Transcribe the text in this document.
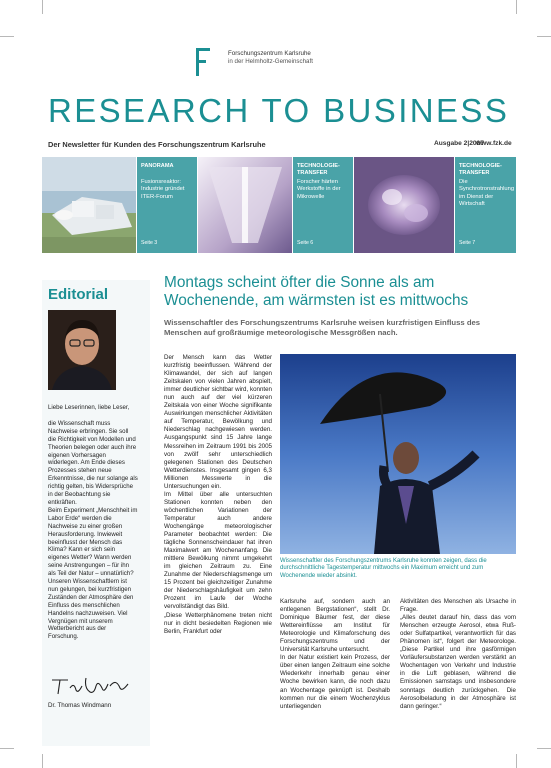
Forschungszentrum Karlsruhe
in der Helmholtz-Gemeinschaft
RESEARCH TO BUSINESS
Der Newsletter für Kunden des Forschungszentrum Karlsruhe	Ausgabe 2|2007
www.fzk.de
PANORAMA
Fusionsreaktor: Industrie gründet ITER-Forum
Seite 3
TECHNOLOGIE-TRANSFER
Forscher härten Werkstoffe in der Mikrowelle
Seite 6
TECHNOLOGIE-TRANSFER
Die Synchrotronstrahlung im Dienst der Wirtschaft
Seite 7
Editorial

Liebe Leserinnen, liebe Leser,

die Wissenschaft muss Nachweise erbringen. Sie soll die Richtigkeit von Modellen und Theorien belegen oder auch ihre eigenen Vorhersagen widerlegen. Am Ende dieses Prozesses stehen neue Erkenntnisse, die nur solange als richtig gelten, bis Widersprüche in der Beobachtung sie entkräften.

Beim Experiment „Menschheit im Labor Erde“ werden die Nachweise zu einer großen Herausforderung. Inwieweit beeinflusst der Mensch das Klima? Kann er sich sein eigenes Wetter? Wann werden seine Anstrengungen – für ihn als Teil der Natur – unnatürlich?

Unseren Wissenschaftlern ist nun gelungen, bei kurzfristigen Zuständen der Atmosphäre den Einfluss des menschlichen Handelns nachzuweisen. Viel Vergnügen mit unserem Wetterbericht aus der Forschung.

Dr. Thomas Windmann
Montags scheint öfter die Sonne als am Wochenende, am wärmsten ist es mittwochs
Wissenschaftler des Forschungszentrums Karlsruhe weisen kurzfristigen Einfluss des Menschen auf großräumige meteorologische Messgrößen nach.

Der Mensch kann das Wetter kurzfristig beeinflussen. Während der Klimawandel, der sich auf langen Zeitskalen von vielen Jahren abspielt, immer deutlicher sichtbar wird, konnten nun auch auf der viel kürzeren Zeitskala von einer Woche signifikante Auswirkungen menschlicher Aktivitäten auf Temperatur, Bewölkung und Niederschlag nachgewiesen werden. Ausgangspunkt sind 15 Jahre lange Messreihen im Zeitraum 1991 bis 2005 von zwölf sehr unterschiedlich gelegenen Stationen des Deutschen Wetterdienstes. Insgesamt gingen 6,3 Millionen Messwerte in die Untersuchungen ein.

Im Mittel über alle untersuchten Stationen konnten neben den wöchentlichen Variationen der Temperatur auch andere Wochengänge meteorologischer Parameter beobachtet werden: Die tägliche Sonnenscheindauer hat ihren Maximalwert am Wochenanfang. Die mittlere Bewölkung nimmt umgekehrt im gleichen Zeitraum zu. Eine Zunahme der Niederschlagsmenge um 15 Prozent bei gleichzeitiger Zunahme der Niederschlagshäufigkeit um zehn Prozent im Laufe der Woche vervollständigt das Bild.

„Diese Wetterphänomene treten nicht nur in dicht besiedelten Regionen wie Berlin, Frankfurt oder

Wissenschaftler des Forschungszentrums Karlsruhe konnten zeigen, dass die durchschnittliche Tagestemperatur mittwochs ein Maximum erreicht und zum Wochenende wieder absinkt.

Karlsruhe auf, sondern auch an entlegenen Bergstationen“, stellt Dr. Dominique Bäumer fest, der diese Wettereinflüsse am Institut für Meteorologie und Klimaforschung des Forschungszentrums und der Universität Karlsruhe untersucht.

In der Natur existiert kein Prozess, der über einen langen Zeitraum eine solche Wiederkehr innerhalb genau einer Woche bewirken kann, die noch dazu an Wochentage geknüpft ist. Deshalb kommen nur die einem Wochenzyklus unterliegenden

Aktivitäten des Menschen als Ursache in Frage.

„Alles deutet darauf hin, dass das vom Menschen erzeugte Aerosol, etwa Ruß- oder Sulfatpartikel, verantwortlich für das Phänomen ist“, folgert der Meteorologe. „Diese Partikel und ihre gasförmigen Vorläufersubstanzen werden verstärkt an Wochentagen von Verkehr und Industrie in die Luft geblasen, während die Emissionen samstags und insbesondere sonntags deutlich zurückgehen. Die Aerosolbeladung in der Atmosphäre ist dann geringer.“
